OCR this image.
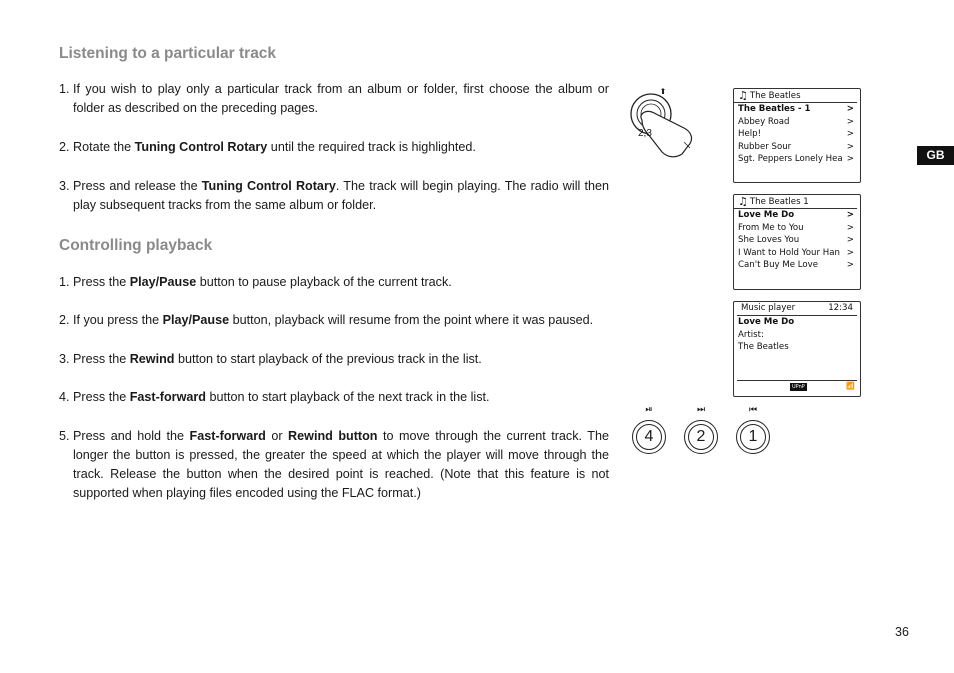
Listening to a particular track
1. If you wish to play only a particular track from an album or folder, first choose the album or folder as described on the preceding pages.
2. Rotate the Tuning Control Rotary until the required track is highlighted.
3. Press and release the Tuning Control Rotary. The track will begin playing. The radio will then play subsequent tracks from the same album or folder.
Controlling playback
1. Press the Play/Pause button to pause playback of the current track.
2. If you press the Play/Pause button, playback will resume from the point where it was paused.
3. Press the Rewind button to start playback of the previous track in the list.
4. Press the Fast-forward button to start playback of the next track in the list.
5. Press and hold the Fast-forward or Rewind button to move through the current track. The longer the button is pressed, the greater the speed at which the player will move through the track. Release the button when the desired point is reached. (Note that this feature is not supported when playing files encoded using the FLAC format.)
2,3
♫ The Beatles
The Beatles - 1	>
Abbey Road	>
Help!	>
Rubber Sour	>
Sgt. Peppers Lonely Hea >
♫ The Beatles 1
Love Me Do	>
From Me to You	>
She Loves You	>
I Want to Hold Your Han >
Can't Buy Me Love	>
Music player	12:34
Love Me Do
Artist:
The Beatles
UPnP	📶
⏯
4
⏭
2
⏮
1
GB
36
